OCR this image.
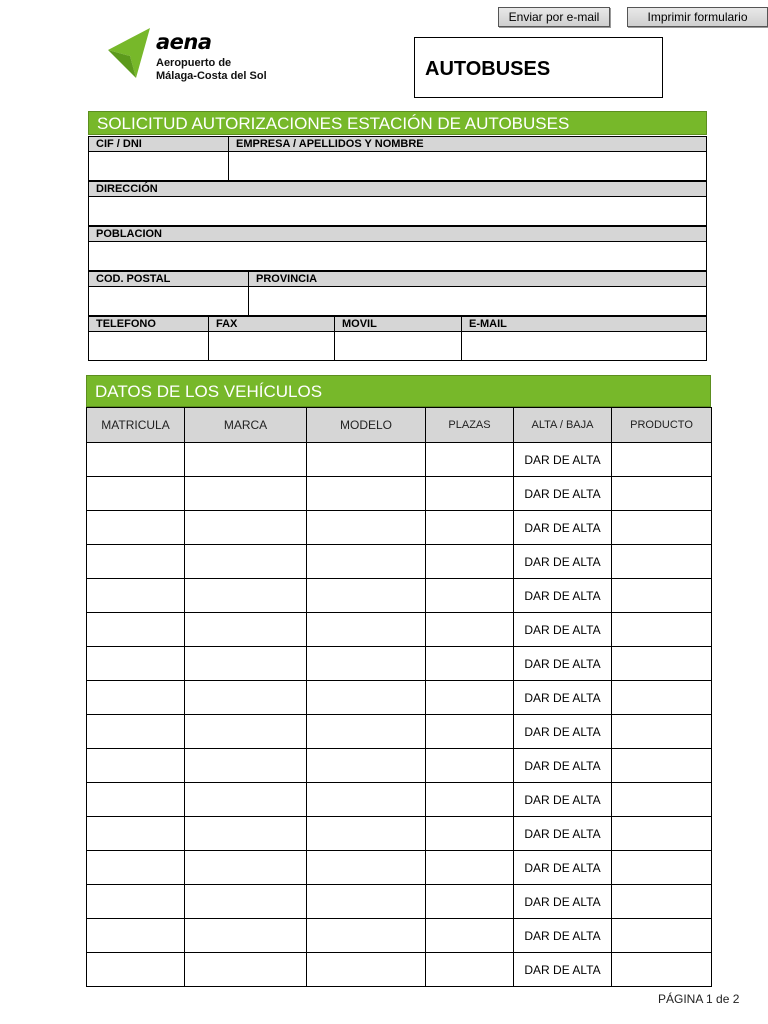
Enviar por e-mail	Imprimir formulario
aena
Aeropuerto de
Málaga-Costa del Sol	AUTOBUSES
SOLICITUD AUTORIZACIONES ESTACIÓN DE AUTOBUSES
CIF / DNI	EMPRESA / APELLIDOS Y NOMBRE
DIRECCIÓN
POBLACION
COD. POSTAL	PROVINCIA
TELEFONO	FAX	MOVIL	E-MAIL
DATOS DE LOS VEHÍCULOS
MATRICULA	MARCA	MODELO	PLAZAS	ALTA / BAJA	PRODUCTO
				DAR DE ALTA	
				DAR DE ALTA	
				DAR DE ALTA	
				DAR DE ALTA	
				DAR DE ALTA	
				DAR DE ALTA	
				DAR DE ALTA	
				DAR DE ALTA	
				DAR DE ALTA	
				DAR DE ALTA	
				DAR DE ALTA	
				DAR DE ALTA	
				DAR DE ALTA	
				DAR DE ALTA	
				DAR DE ALTA	
				DAR DE ALTA	
PÁGINA 1 de 2
